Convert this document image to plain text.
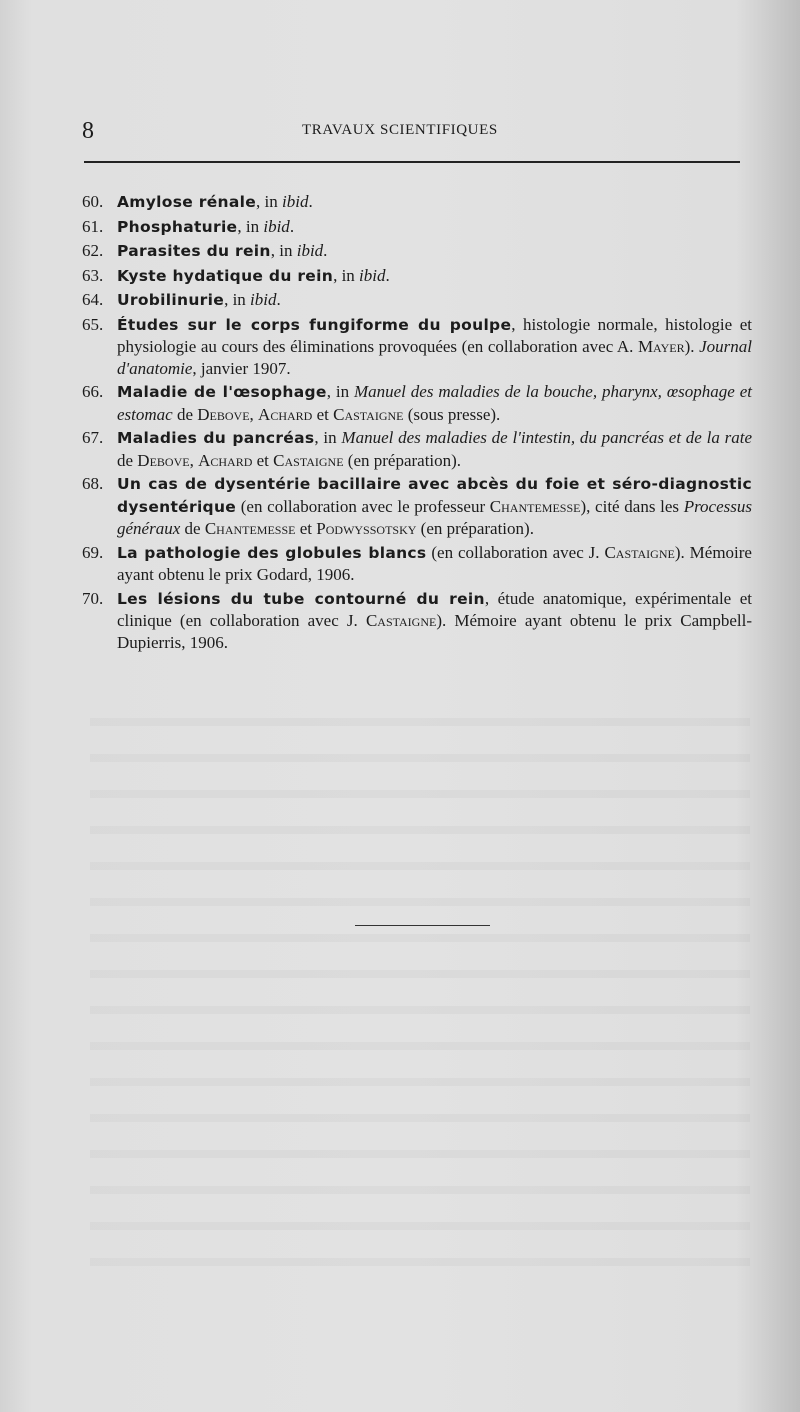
8	TRAVAUX SCIENTIFIQUES
60. Amylose rénale, in ibid.
61. Phosphaturie, in ibid.
62. Parasites du rein, in ibid.
63. Kyste hydatique du rein, in ibid.
64. Urobilinurie, in ibid.
65. Études sur le corps fungiforme du poulpe, histologie normale, histologie et physiologie au cours des éliminations provoquées (en collaboration avec A. Mayer). Journal d'anatomie, janvier 1907.
66. Maladie de l'œsophage, in Manuel des maladies de la bouche, pharynx, œsophage et estomac de Debove, Achard et Castaigne (sous presse).
67. Maladies du pancréas, in Manuel des maladies de l'intestin, du pancréas et de la rate de Debove, Achard et Castaigne (en préparation).
68. Un cas de dysentérie bacillaire avec abcès du foie et séro-diagnostic dysentérique (en collaboration avec le professeur Chantemesse), cité dans les Processus généraux de Chantemesse et Podwyssotsky (en préparation).
69. La pathologie des globules blancs (en collaboration avec J. Castaigne). Mémoire ayant obtenu le prix Godard, 1906.
70. Les lésions du tube contourné du rein, étude anatomique, expérimentale et clinique (en collaboration avec J. Castaigne). Mémoire ayant obtenu le prix Campbell-Dupierris, 1906.
